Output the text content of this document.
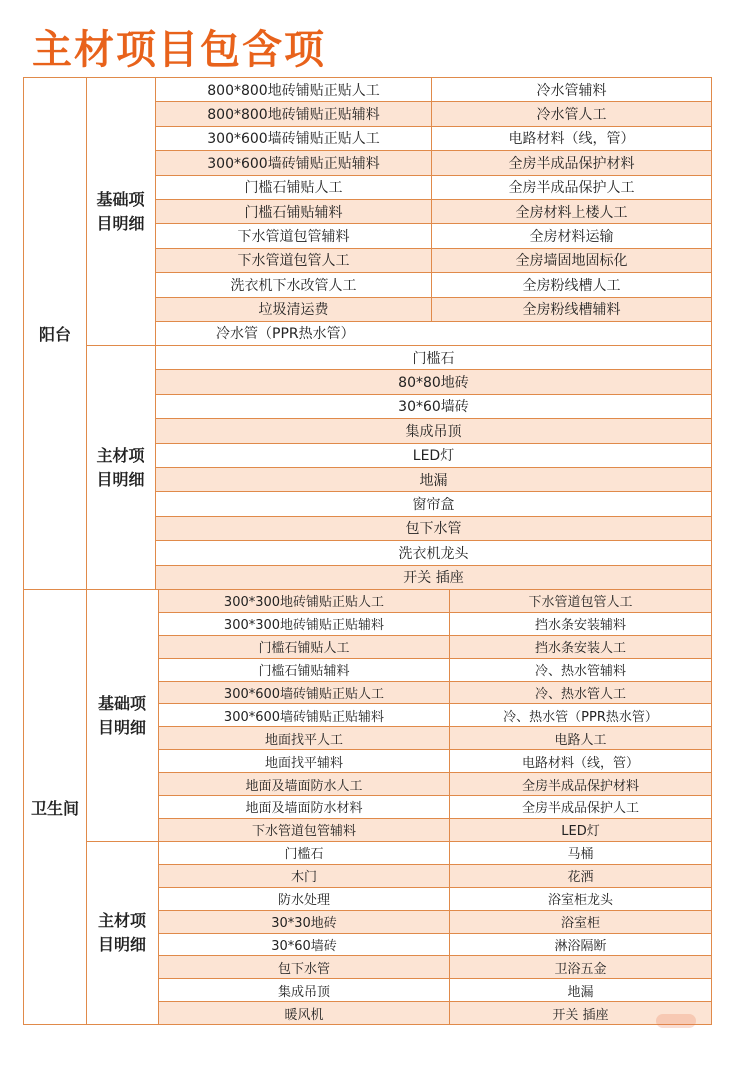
主材项目包含项
阳台
基础项目明细
800*800地砖铺贴正贴人工	冷水管辅料
800*800地砖铺贴正贴辅料	冷水管人工
300*600墙砖铺贴正贴人工	电路材料（线，管）
300*600墙砖铺贴正贴辅料	全房半成品保护材料
门槛石铺贴人工	全房半成品保护人工
门槛石铺贴辅料	全房材料上楼人工
下水管道包管辅料	全房材料运输
下水管道包管人工	全房墙固地固标化
洗衣机下水改管人工	全房粉线槽人工
垃圾清运费	全房粉线槽辅料
冷水管（PPR热水管）
主材项目明细
门槛石
80*80地砖
30*60墙砖
集成吊顶
LED灯
地漏
窗帘盒
包下水管
洗衣机龙头
开关 插座
卫生间
基础项目明细
300*300地砖铺贴正贴人工	下水管道包管人工
300*300地砖铺贴正贴辅料	挡水条安装辅料
门槛石铺贴人工	挡水条安装人工
门槛石铺贴辅料	冷、热水管辅料
300*600墙砖铺贴正贴人工	冷、热水管人工
300*600墙砖铺贴正贴辅料	冷、热水管（PPR热水管）
地面找平人工	电路人工
地面找平辅料	电路材料（线，管）
地面及墙面防水人工	全房半成品保护材料
地面及墙面防水材料	全房半成品保护人工
下水管道包管辅料	LED灯
主材项目明细
门槛石	马桶
木门	花洒
防水处理	浴室柜龙头
30*30地砖	浴室柜
30*60墙砖	淋浴隔断
包下水管	卫浴五金
集成吊顶	地漏
暖风机	开关 插座
